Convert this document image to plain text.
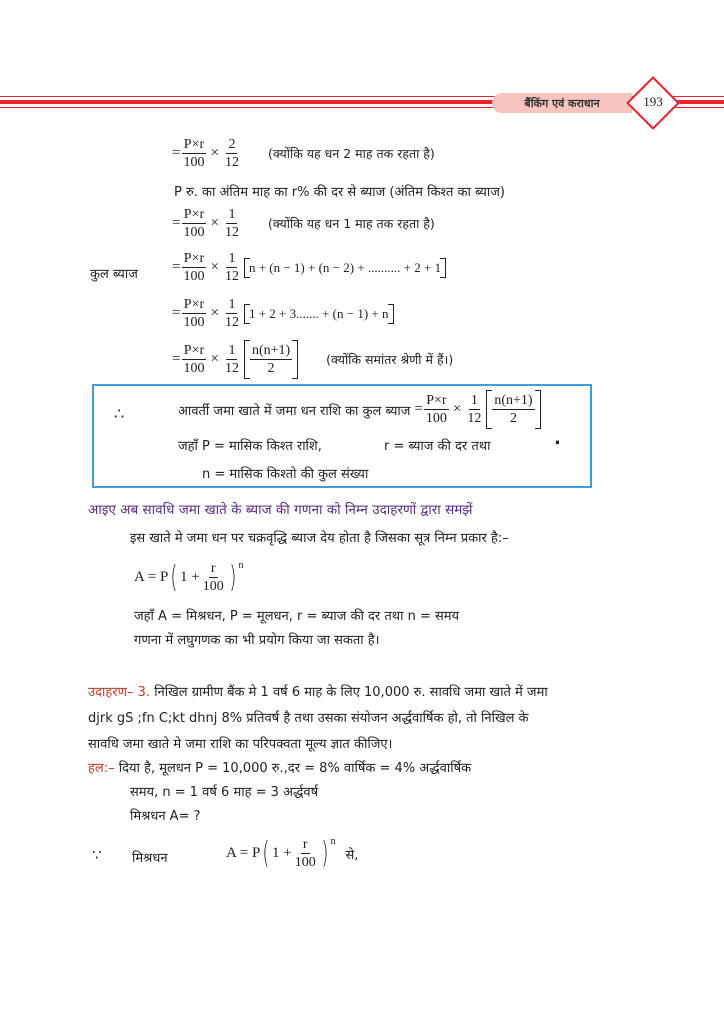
बैंकिंग एवं कराधान	193
= $\frac{P\times r}{100} \times \frac{2}{12}$ (क्योंकि यह धन 2 माह तक रहता है)
P रु. का अंतिम माह का r% की दर से ब्याज (अंतिम किश्त का ब्याज)
= $\frac{P\times r}{100} \times \frac{1}{12}$ (क्योंकि यह धन 1 माह तक रहता है)
कुल ब्याज = $\frac{P\times r}{100} \times \frac{1}{12}$ n + (n − 1) + (n − 2) + .......... + 2 + 1
= $\frac{P\times r}{100} \times \frac{1}{12} 1 + 2 + 3$....... + (n − 1) + n
= $\frac{P\times r}{100} \times \frac{1}{12} \frac{n(n+1)}{2}$	(क्योंकि समांतर श्रेणी में हैं।)
∴	आवर्ती जमा खाते में जमा धन राशि का कुल ब्याज = $\frac{P\times r}{100} \times \frac{1}{12} \frac{n(n+1)}{2}$
जहाँ P = मासिक किश्त राशि,	r = ब्याज की दर तथा	.
n = मासिक किश्तो की कुल संख्या
आइए अब सावधि जमा खाते के ब्याज की गणना को निम्न उदाहरणों द्वारा समझें
इस खाते मे जमा धन पर चक्रवृद्धि ब्याज देय होता है जिसका सूत्र निम्न प्रकार है:–
A = P ( $1 + \frac{r}{100} )^n$
जहाँ A = मिश्रधन, P = मूलधन, r = ब्याज की दर तथा n = समय
गणना में लघुगणक का भी प्रयोग किया जा सकता है।
उदाहरण– 3. निखिल ग्रामीण बैंक मे 1 वर्ष 6 माह के लिए 10,000 रु. सावधि जमा खाते में जमा
djrk gS ;fn C;kt dhnj 8% प्रतिवर्ष है तथा उसका संयोजन अर्द्धवार्षिक हो, तो निखिल के
सावधि जमा खाते मे जमा राशि का परिपक्वता मूल्य ज्ञात कीजिए।
हल:– दिया है, मूलधन P = 10,000 रु.,दर = 8% वार्षिक = 4% अर्द्धवार्षिक
समय, n = 1 वर्ष 6 माह = 3 अर्द्धवर्ष
मिश्रधन A= ?
∵ मिश्रधन	A = P ( $1 + \frac{r}{100} )^n$
से,
